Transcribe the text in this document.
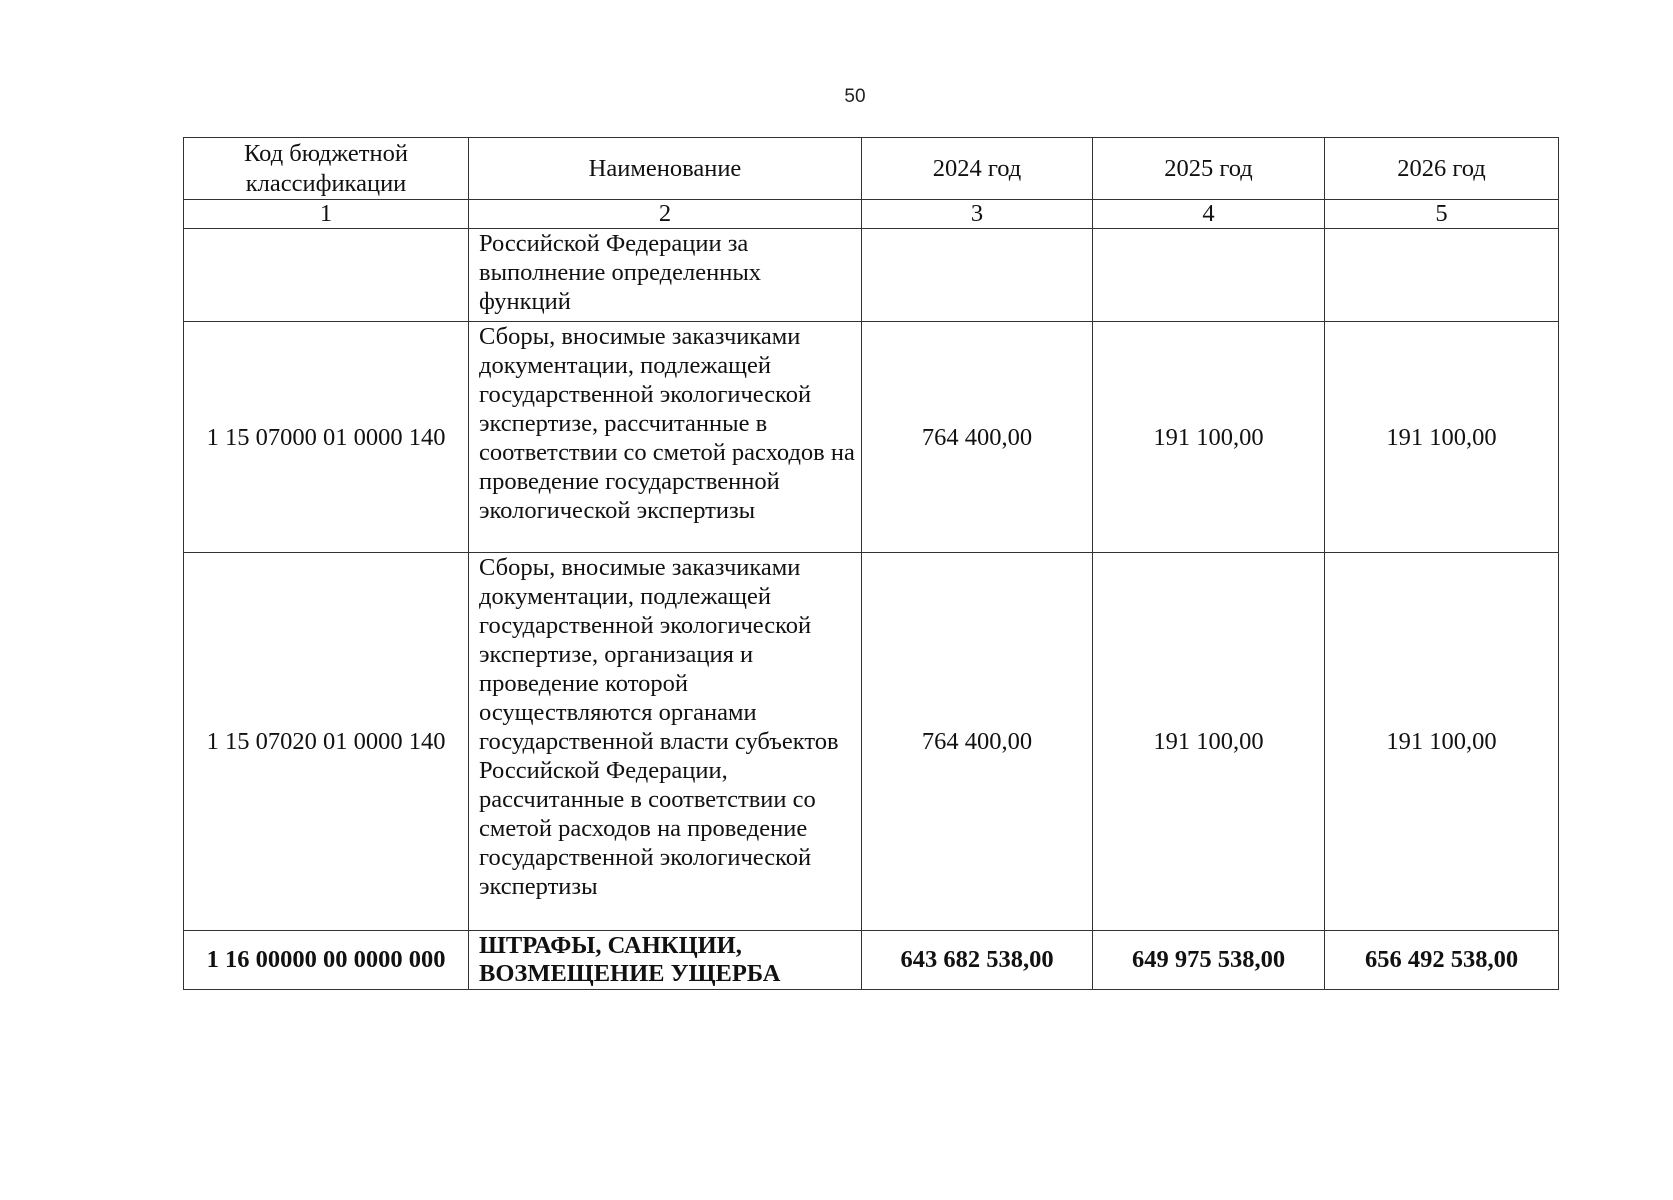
50
Код бюджетной классификации	Наименование	2024 год	2025 год	2026 год
1	2	3	4	5
	Российской Федерации за выполнение определенных функций			
1 15 07000 01 0000 140	Сборы, вносимые заказчиками документации, подлежащей государственной экологической экспертизе, рассчитанные в соответствии со сметой расходов на проведение государственной экологической экспертизы	764 400,00	191 100,00	191 100,00
1 15 07020 01 0000 140	Сборы, вносимые заказчиками документации, подлежащей государственной экологической экспертизе, организация и проведение которой осуществляются органами государственной власти субъектов Российской Федерации, рассчитанные в соответствии со сметой расходов на проведение государственной экологической экспертизы	764 400,00	191 100,00	191 100,00
1 16 00000 00 0000 000	ШТРАФЫ, САНКЦИИ, ВОЗМЕЩЕНИЕ УЩЕРБА	643 682 538,00	649 975 538,00	656 492 538,00
